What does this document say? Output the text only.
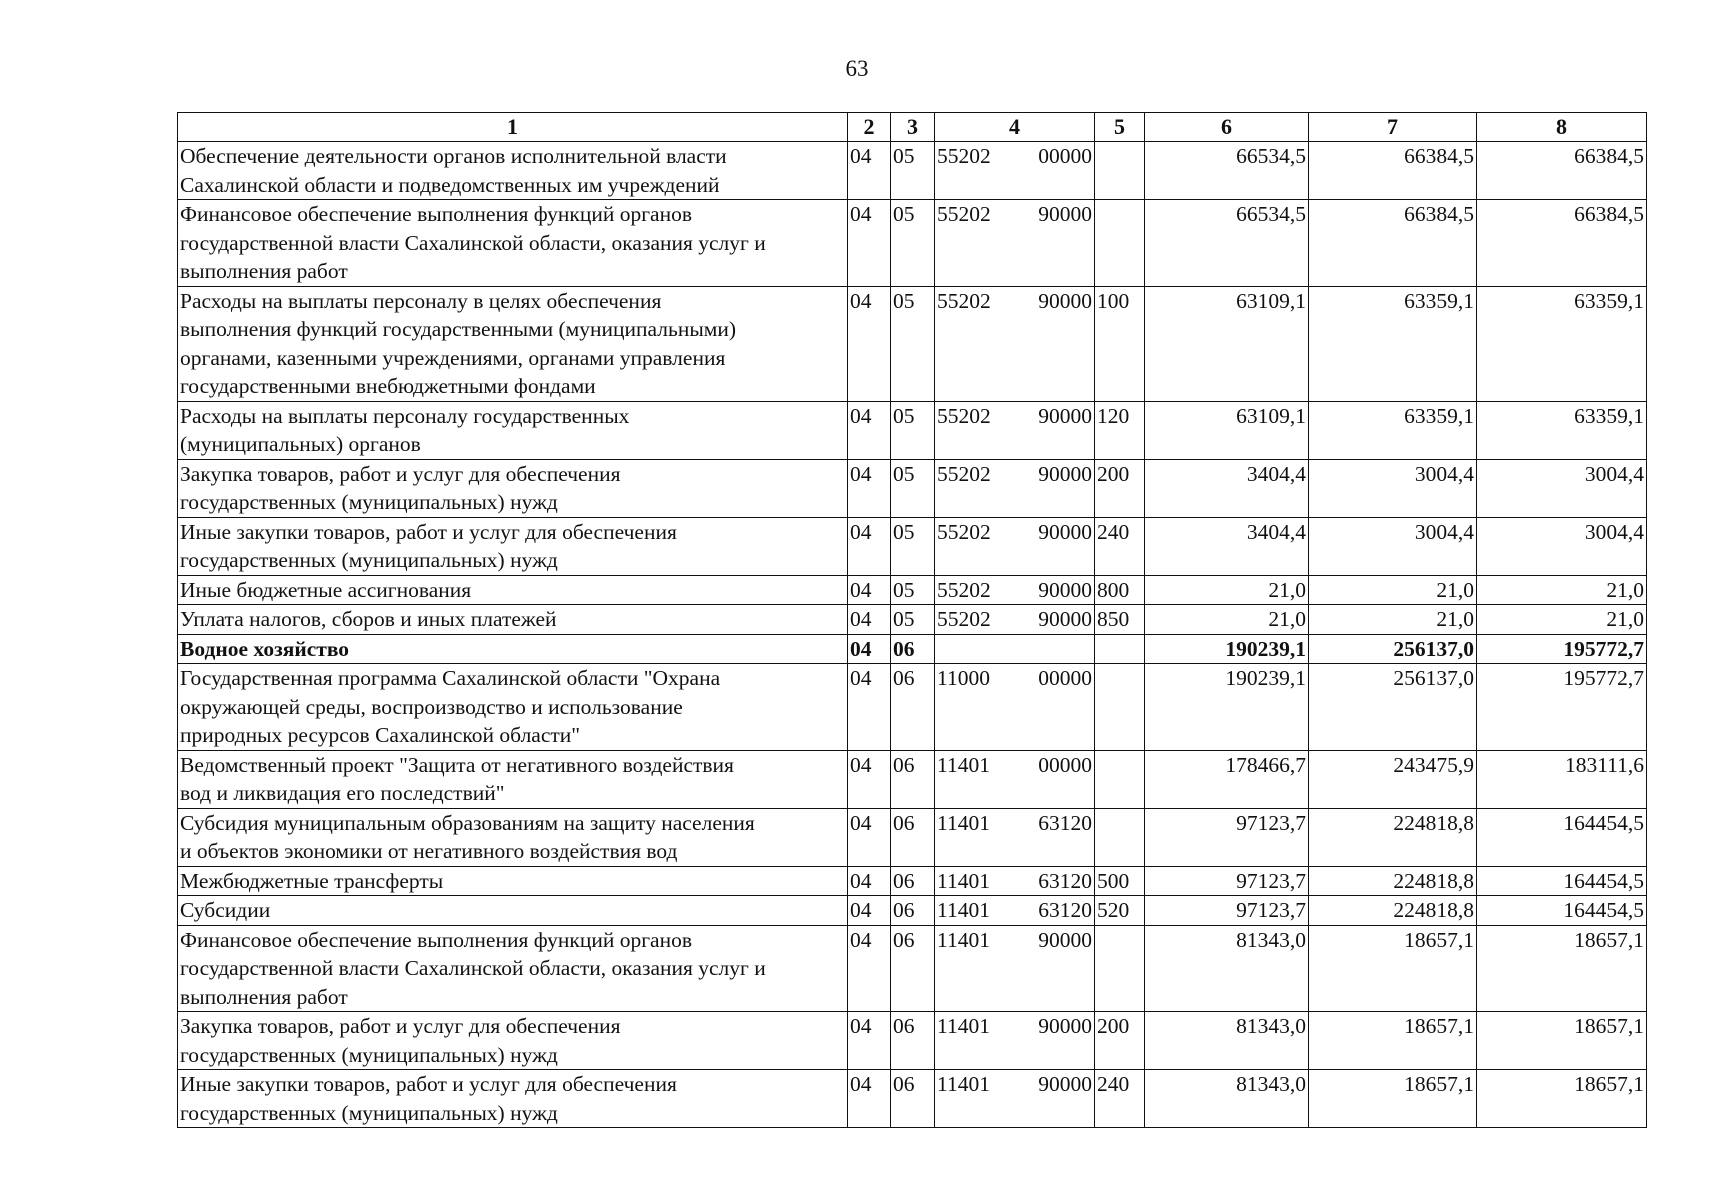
63
1	2	3	4	5	6	7	8
Обеспечение деятельности органов исполнительной власти
Сахалинской области и подведомственных им учреждений	04	05	55202 00000		66534,5	66384,5	66384,5
Финансовое обеспечение выполнения функций органов
государственной власти Сахалинской области, оказания услуг и
выполнения работ	04	05	55202 90000		66534,5	66384,5	66384,5
Расходы на выплаты персоналу в целях обеспечения
выполнения функций государственными (муниципальными)
органами, казенными учреждениями, органами управления
государственными внебюджетными фондами	04	05	55202 90000	100	63109,1	63359,1	63359,1
Расходы на выплаты персоналу государственных
(муниципальных) органов	04	05	55202 90000	120	63109,1	63359,1	63359,1
Закупка товаров, работ и услуг для обеспечения
государственных (муниципальных) нужд	04	05	55202 90000	200	3404,4	3004,4	3004,4
Иные закупки товаров, работ и услуг для обеспечения
государственных (муниципальных) нужд	04	05	55202 90000	240	3404,4	3004,4	3004,4
Иные бюджетные ассигнования	04	05	55202 90000	800	21,0	21,0	21,0
Уплата налогов, сборов и иных платежей	04	05	55202 90000	850	21,0	21,0	21,0
Водное хозяйство	04	06			190239,1	256137,0	195772,7
Государственная программа Сахалинской области "Охрана
окружающей среды, воспроизводство и использование
природных ресурсов Сахалинской области"	04	06	11000 00000		190239,1	256137,0	195772,7
Ведомственный проект "Защита от негативного воздействия
вод и ликвидация его последствий"	04	06	11401 00000		178466,7	243475,9	183111,6
Субсидия муниципальным образованиям на защиту населения
и объектов экономики от негативного воздействия вод	04	06	11401 63120		97123,7	224818,8	164454,5
Межбюджетные трансферты	04	06	11401 63120	500	97123,7	224818,8	164454,5
Субсидии	04	06	11401 63120	520	97123,7	224818,8	164454,5
Финансовое обеспечение выполнения функций органов
государственной власти Сахалинской области, оказания услуг и
выполнения работ	04	06	11401 90000		81343,0	18657,1	18657,1
Закупка товаров, работ и услуг для обеспечения
государственных (муниципальных) нужд	04	06	11401 90000	200	81343,0	18657,1	18657,1
Иные закупки товаров, работ и услуг для обеспечения
государственных (муниципальных) нужд	04	06	11401 90000	240	81343,0	18657,1	18657,1
